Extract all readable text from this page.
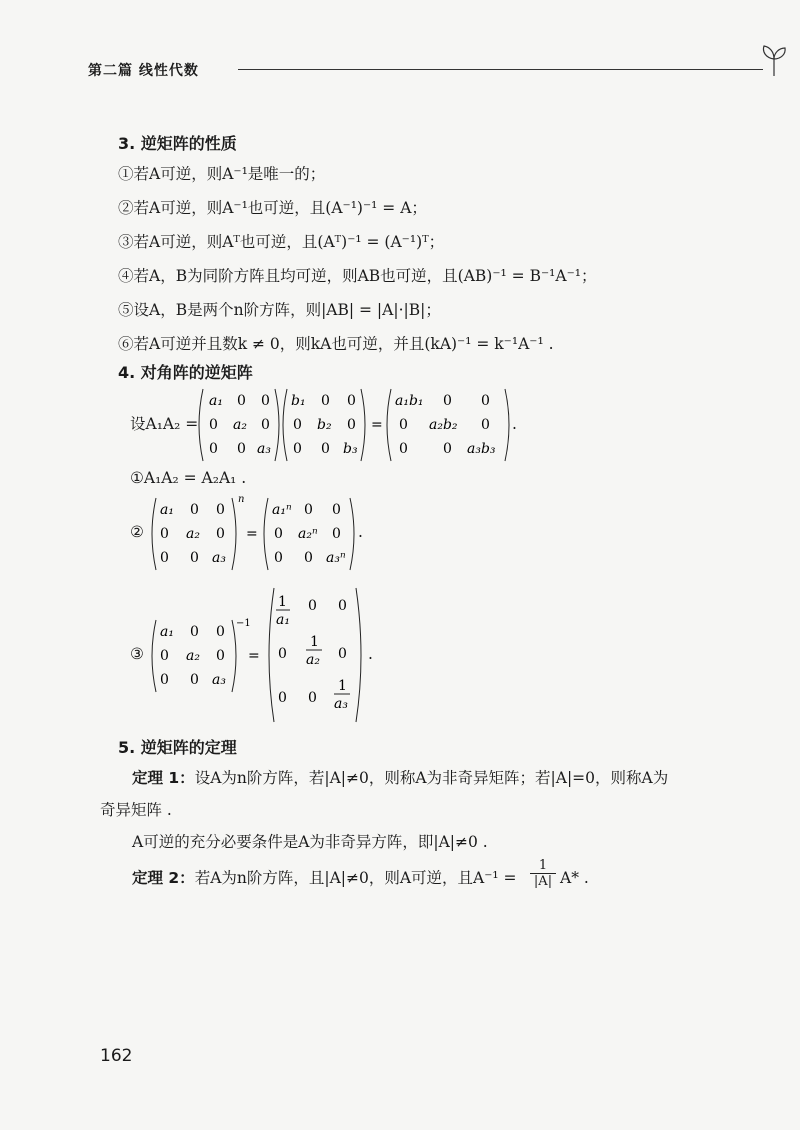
第二篇 线性代数
3. 逆矩阵的性质
①若A可逆，则A⁻¹是唯一的；
②若A可逆，则A⁻¹也可逆，且(A⁻¹)⁻¹ = A；
③若A可逆，则Aᵀ也可逆，且(Aᵀ)⁻¹ = (A⁻¹)ᵀ；
④若A，B为同阶方阵且均可逆，则AB也可逆，且(AB)⁻¹ = B⁻¹A⁻¹；
⑤设A，B是两个n阶方阵，则|AB| = |A|·|B|；
⑥若A可逆并且数k ≠ 0，则kA也可逆，并且(kA)⁻¹ = k⁻¹A⁻¹ .
4. 对角阵的逆矩阵
设A₁A₂ =
a₁ 0 0
0 a₂ 0
0 0 a₃
b₁ 0 0
0 b₂ 0
0 0 b₃
=
a₁b₁ 0 0
0 a₂b₂ 0
0	0 a₃b₃
.
①A₁A₂ = A₂A₁ .
②
a₁ 0 0
0 a₂ 0
0 0 a₃
n
=
a₁ⁿ 0 0
0 a₂ⁿ 0
0 0 a₃ⁿ
.
③
a₁ 0 0
0 a₂ 0
0 0 a₃
−1
=
1
a₁
0 0
0
1
a₂ 0
0 0
1
a₃
.
5. 逆矩阵的定理
定理 1：设A为n阶方阵，若|A|≠0，则称A为非奇异矩阵；若|A|=0，则称A为
奇异矩阵 .
A可逆的充分必要条件是A为非奇异方阵，即|A|≠0 .
定理 2：若A为n阶方阵，且|A|≠0，则A可逆，且$A^{-1} = \frac{1}{|A|} A*$ .
162
